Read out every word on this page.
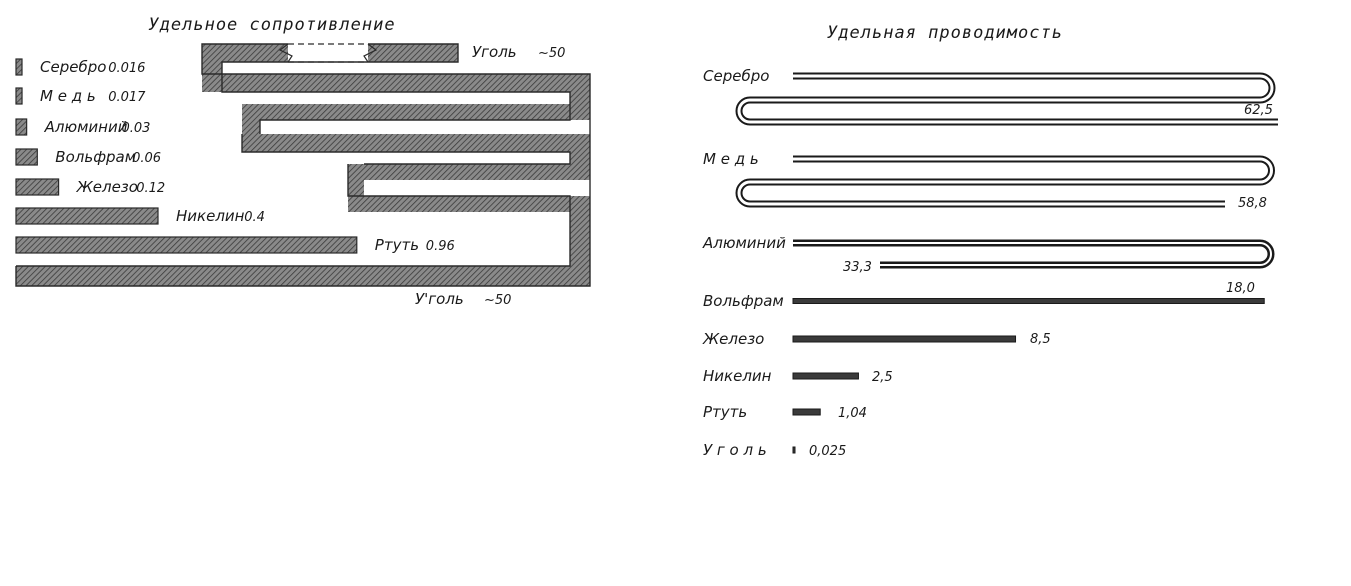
Удельное сопротивление
Серебро 0.016
М е д ь 0.017
Алюминий
0.03
Вольфрам
0.06
Железо
0.12
Никелин 0.4
Ртуть 0.96
Уголь ~50
У'голь ~50
Удельная проводимость
Серебро
М е д ь
Алюминий
Вольфрам
Железо
Никелин
Ртуть
У г о л ь
62,5
58,8
33,3
18,0
8,5
2,5
1,04
0,025
